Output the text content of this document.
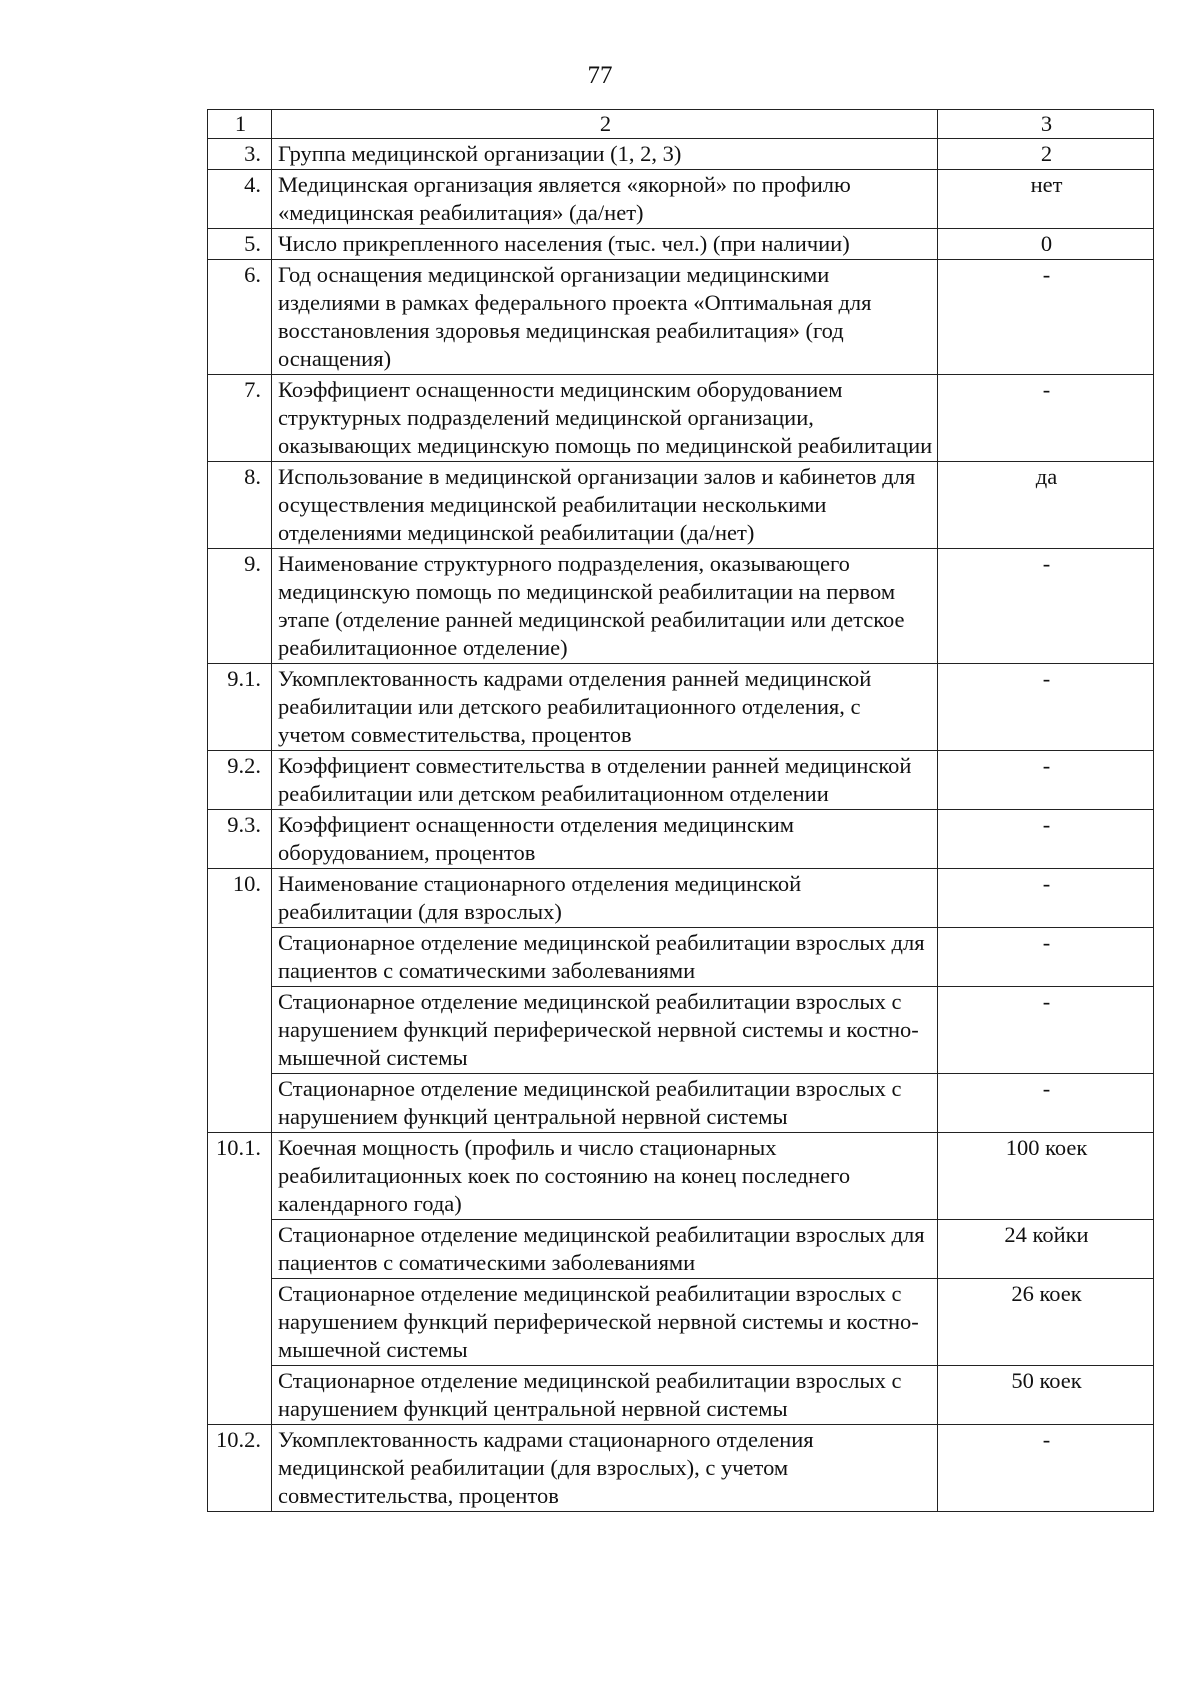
77
1	2	3
3.	Группа медицинской организации (1, 2, 3)	2
4.	Медицинская организация является «якорной» по профилю «медицинская реабилитация» (да/нет)	нет
5.	Число прикрепленного населения (тыс. чел.) (при наличии)	0
6.	Год оснащения медицинской организации медицинскими изделиями в рамках федерального проекта «Оптимальная для восстановления здоровья медицинская реабилитация» (год оснащения)	-
7.	Коэффициент оснащенности медицинским оборудованием структурных подразделений медицинской организации, оказывающих медицинскую помощь по медицинской реабилитации	-
8.	Использование в медицинской организации залов и кабинетов для осуществления медицинской реабилитации несколькими отделениями медицинской реабилитации (да/нет)	да
9.	Наименование структурного подразделения, оказывающего медицинскую помощь по медицинской реабилитации на первом этапе (отделение ранней медицинской реабилитации или детское реабилитационное отделение)	-
9.1.	Укомплектованность кадрами отделения ранней медицинской реабилитации или детского реабилитационного отделения, с учетом совместительства, процентов	-
9.2.	Коэффициент совместительства в отделении ранней медицинской реабилитации или детском реабилитационном отделении	-
9.3.	Коэффициент оснащенности отделения медицинским оборудованием, процентов	-
10.	Наименование стационарного отделения медицинской реабилитации (для взрослых)	-
	Стационарное отделение медицинской реабилитации взрослых для пациентов с соматическими заболеваниями	-
	Стационарное отделение медицинской реабилитации взрослых с нарушением функций периферической нервной системы и костно-мышечной системы	-
	Стационарное отделение медицинской реабилитации взрослых с нарушением функций центральной нервной системы	-
10.1.	Коечная мощность (профиль и число стационарных реабилитационных коек по состоянию на конец последнего календарного года)	100 коек
	Стационарное отделение медицинской реабилитации взрослых для пациентов с соматическими заболеваниями	24 койки
	Стационарное отделение медицинской реабилитации взрослых с нарушением функций периферической нервной системы и костно-мышечной системы	26 коек
	Стационарное отделение медицинской реабилитации взрослых с нарушением функций центральной нервной системы	50 коек
10.2.	Укомплектованность кадрами стационарного отделения медицинской реабилитации (для взрослых), с учетом совместительства, процентов	-
